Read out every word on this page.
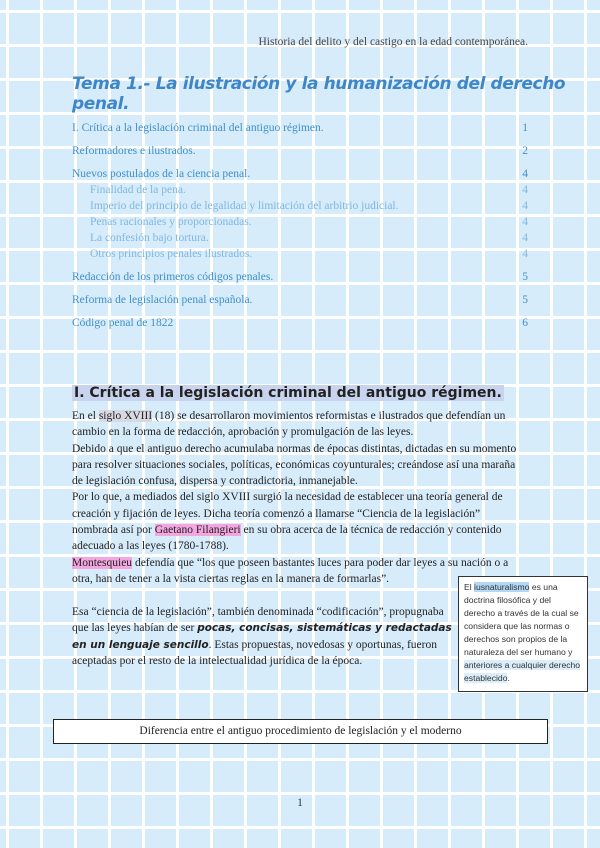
Historia del delito y del castigo en la edad contemporánea.
Tema 1.- La ilustración y la humanización del derecho penal.
I. Crítica a la legislación criminal del antiguo régimen.	1
Reformadores e ilustrados.	2
Nuevos postulados de la ciencia penal.	4
Finalidad de la pena.	4
Imperio del principio de legalidad y limitación del arbitrio judicial.	4
Penas racionales y proporcionadas.	4
La confesión bajo tortura.	4
Otros principios penales ilustrados.	4
Redacción de los primeros códigos penales.	5
Reforma de legislación penal española.	5
Código penal de 1822	6
I. Crítica a la legislación criminal del antiguo régimen.
En el siglo XVIII (18) se desarrollaron movimientos reformistas e ilustrados que defendían un cambio en la forma de redacción, aprobación y promulgación de las leyes.
Debido a que el antiguo derecho acumulaba normas de épocas distintas, dictadas en su momento para resolver situaciones sociales, políticas, económicas coyunturales; creándose así una maraña de legislación confusa, dispersa y contradictoria, inmanejable.
Por lo que, a mediados del siglo XVIII surgió la necesidad de establecer una teoría general de creación y fijación de leyes. Dicha teoría comenzó a llamarse “Ciencia de la legislación” nombrada así por Gaetano Filangieri en su obra acerca de la técnica de redacción y contenido adecuado a las leyes (1780-1788).
Montesquieu defendía que “los que poseen bastantes luces para poder dar leyes a su nación o a otra, han de tener a la vista ciertas reglas en la manera de formarlas”.
Esa “ciencia de la legislación”, también denominada “codificación”, propugnaba que las leyes habían de ser pocas, concisas, sistemáticas y redactadas en un lenguaje sencillo. Estas propuestas, novedosas y oportunas, fueron aceptadas por el resto de la intelectualidad jurídica de la época.
El iusnaturalismo es una doctrina filosófica y del derecho a través de la cual se considera que las normas o derechos son propios de la naturaleza del ser humano y anteriores a cualquier derecho establecido.
Diferencia entre el antiguo procedimiento de legislación y el moderno
1
